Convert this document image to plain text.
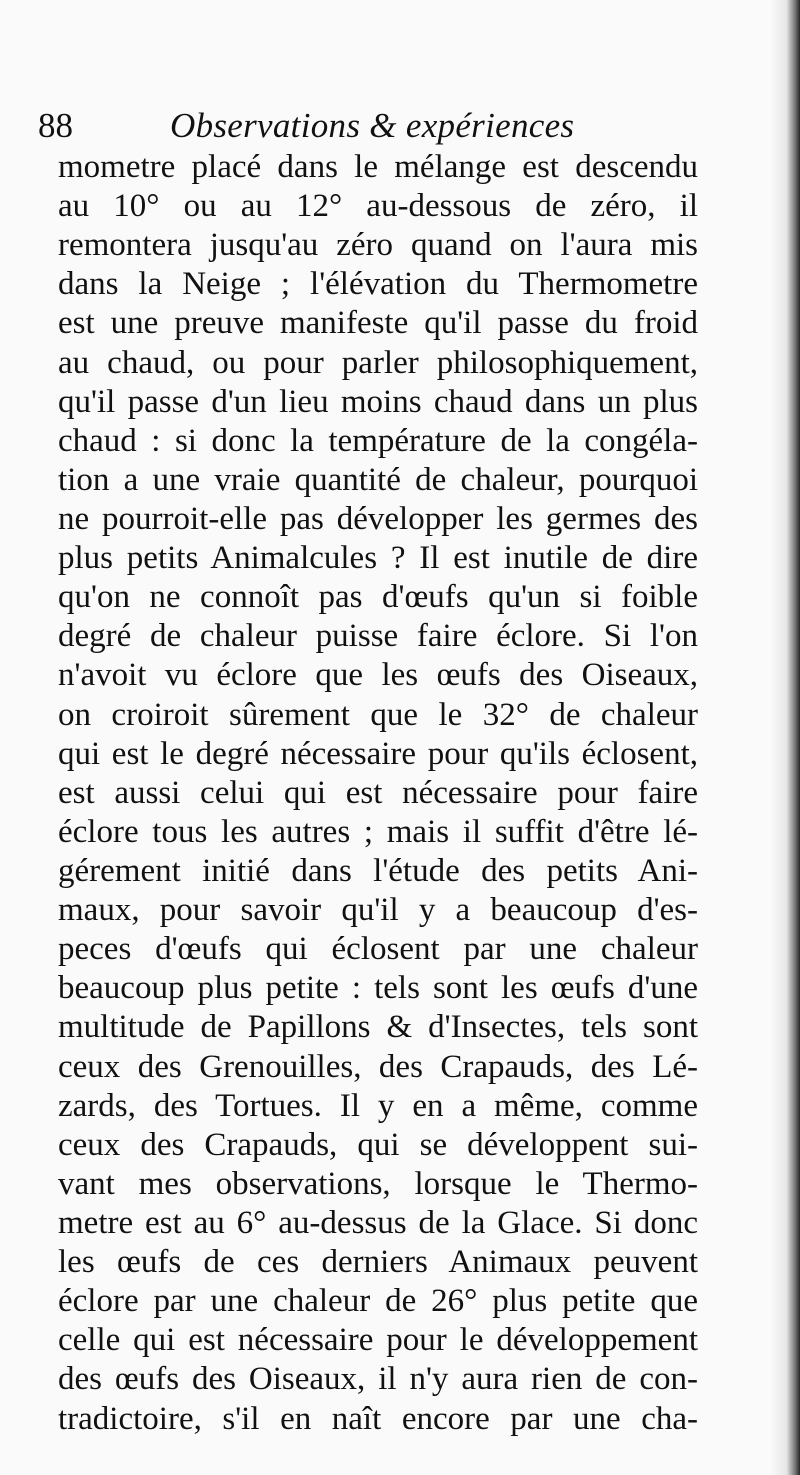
88	Observations & expériences
mometre placé dans le mélange est descendu
au 10° ou au 12° au-dessous de zéro, il
remontera jusqu'au zéro quand on l'aura mis
dans la Neige ; l'élévation du Thermometre
est une preuve manifeste qu'il passe du froid
au chaud, ou pour parler philosophiquement,
qu'il passe d'un lieu moins chaud dans un plus
chaud : si donc la température de la congéla-
tion a une vraie quantité de chaleur, pourquoi
ne pourroit-elle pas développer les germes des
plus petits Animalcules ? Il est inutile de dire
qu'on ne connoît pas d'œufs qu'un si foible
degré de chaleur puisse faire éclore. Si l'on
n'avoit vu éclore que les œufs des Oiseaux,
on croiroit sûrement que le 32° de chaleur
qui est le degré nécessaire pour qu'ils éclosent,
est aussi celui qui est nécessaire pour faire
éclore tous les autres ; mais il suffit d'être lé-
gérement initié dans l'étude des petits Ani-
maux, pour savoir qu'il y a beaucoup d'es-
peces d'œufs qui éclosent par une chaleur
beaucoup plus petite : tels sont les œufs d'une
multitude de Papillons & d'Insectes, tels sont
ceux des Grenouilles, des Crapauds, des Lé-
zards, des Tortues. Il y en a même, comme
ceux des Crapauds, qui se développent sui-
vant mes observations, lorsque le Thermo-
metre est au 6° au-dessus de la Glace. Si donc
les œufs de ces derniers Animaux peuvent
éclore par une chaleur de 26° plus petite que
celle qui est nécessaire pour le développement
des œufs des Oiseaux, il n'y aura rien de con-
tradictoire, s'il en naît encore par une cha-
